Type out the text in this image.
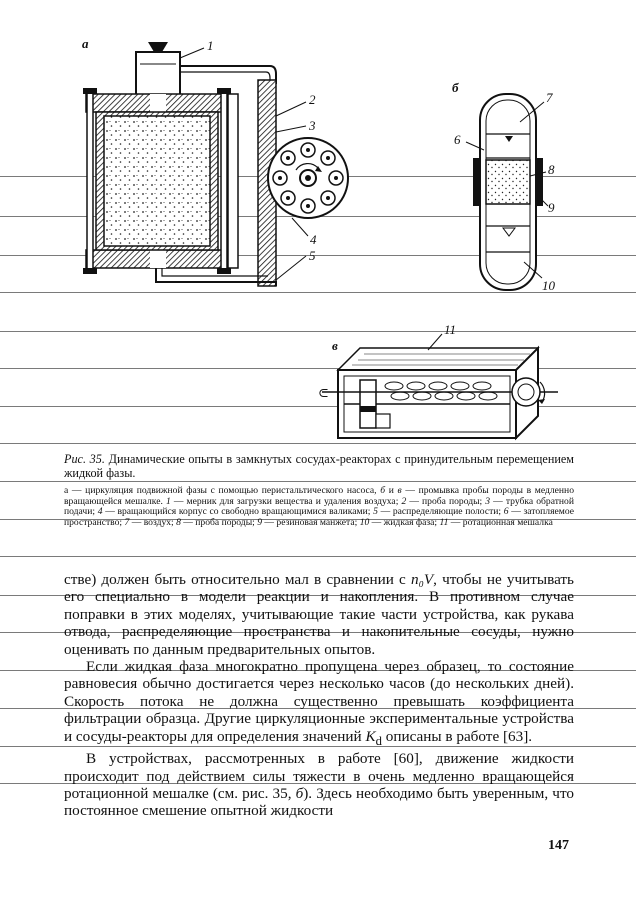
а	1
2
3
4
5
б
6
7
8
9
10
в
⊂
11

Рис. 35. Динамические опыты в замкнутых сосудах-реакторах с принудительным перемещением жидкой фазы.

а — циркуляция подвижной фазы с помощью перистальтического насоса, б и в — промывка пробы породы в медленно вращающейся мешалке. 1 — мерник для загрузки вещества и удаления воздуха; 2 — проба породы; 3 — трубка обратной подачи; 4 — вращающийся корпус со свободно вращающимися валиками; 5 — распределяющие полости; 6 — затопляемое пространство; 7 — воздух; 8 — проба породы; 9 — резиновая манжета; 10 — жидкая фаза; 11 — ротационная мешалка

стве) должен быть относительно мал в сравнении с n₀V, чтобы не учитывать его специально в модели реакции и накопления. В противном случае поправки в этих моделях, учитывающие такие части устройства, как рукава отвода, распределяющие пространства и накопительные сосуды, нужно оценивать по данным предварительных опытов.

Если жидкая фаза многократно пропущена через образец, то состояние равновесия обычно достигается через несколько часов (до нескольких дней). Скорость потока не должна существенно превышать коэффициента фильтрации образца. Другие циркуляционные экспериментальные устройства и сосуды-реакторы для определения значений $K_d$ описаны в работе [63].

В устройствах, рассмотренных в работе [60], движение жидкости происходит под действием силы тяжести в очень медленно вращающейся ротационной мешалке (см. рис. 35, б). Здесь необходимо быть уверенным, что постоянное смешение опытной жидкости

147
